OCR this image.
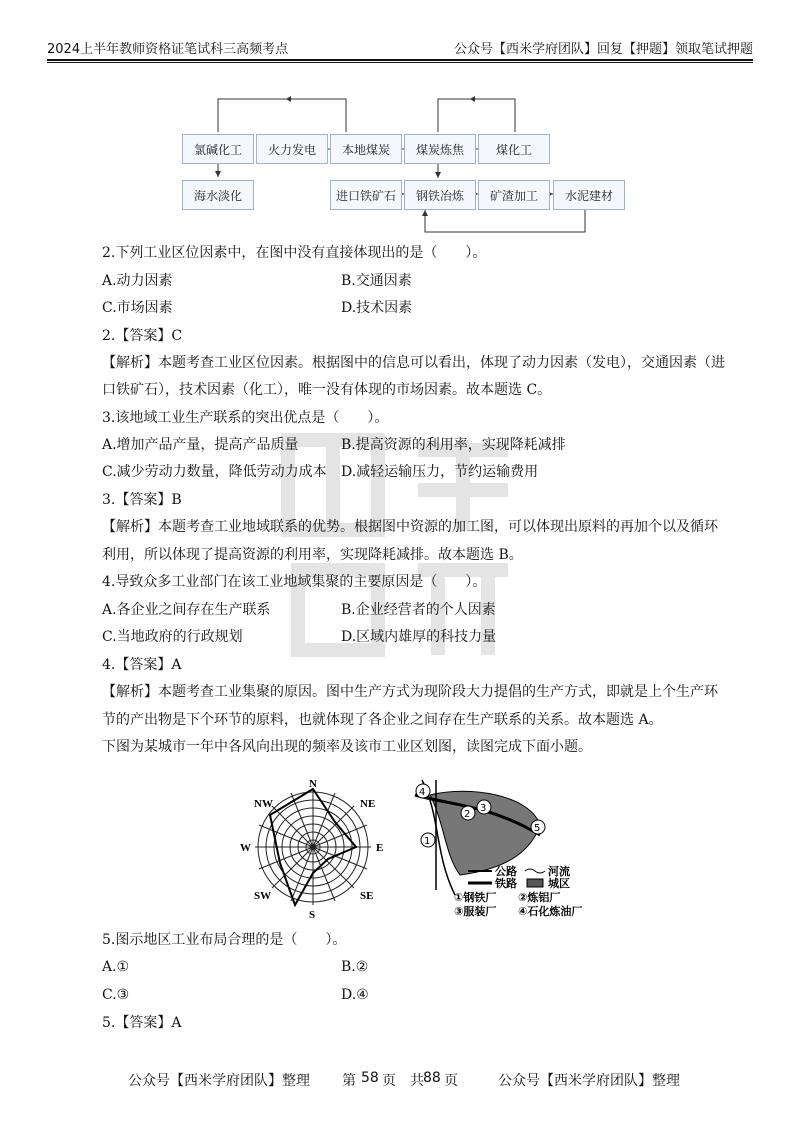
2024上半年教师资格证笔试科三高频考点	公众号【西米学府团队】回复【押题】领取笔试押题
氯碱化工	火力发电	本地煤炭	煤炭炼焦	煤化工
海水淡化	进口铁矿石	钢铁冶炼	矿渣加工	水泥建材
2.下列工业区位因素中，在图中没有直接体现出的是（　　）。
A.动力因素	B.交通因素
C.市场因素	D.技术因素
2.【答案】C
【解析】本题考查工业区位因素。根据图中的信息可以看出，体现了动力因素（发电），交通因素（进
口铁矿石），技术因素（化工），唯一没有体现的市场因素。故本题选 C。
3.该地域工业生产联系的突出优点是（　　）。
A.增加产品产量，提高产品质量	B.提高资源的利用率，实现降耗减排
C.减少劳动力数量，降低劳动力成本 D.减轻运输压力，节约运输费用
3.【答案】B
【解析】本题考查工业地域联系的优势。根据图中资源的加工图，可以体现出原料的再加个以及循环
利用，所以体现了提高资源的利用率，实现降耗减排。故本题选 B。
4.导致众多工业部门在该工业地域集聚的主要原因是（　　）。
A.各企业之间存在生产联系	B.企业经营者的个人因素
C.当地政府的行政规划	D.区域内雄厚的科技力量
4.【答案】A
【解析】本题考查工业集聚的原因。图中生产方式为现阶段大力提倡的生产方式，即就是上个生产环
节的产出物是下个环节的原料，也就体现了各企业之间存在生产联系的关系。故本题选 A。
下图为某城市一年中各风向出现的频率及该市工业区划图，读图完成下面小题。
N
NE
E
SE
S
SW
W
NW
4
2
3
1
5
公路	河流
铁路	城区
①钢铁厂 ②炼铝厂
③服装厂 ④石化炼油厂
5.图示地区工业布局合理的是（　　）。
A.①	B.②
C.③	D.④
5.【答案】A
公众号【西米学府团队】整理 第 58 页　共 88 页	公众号【西米学府团队】整理
